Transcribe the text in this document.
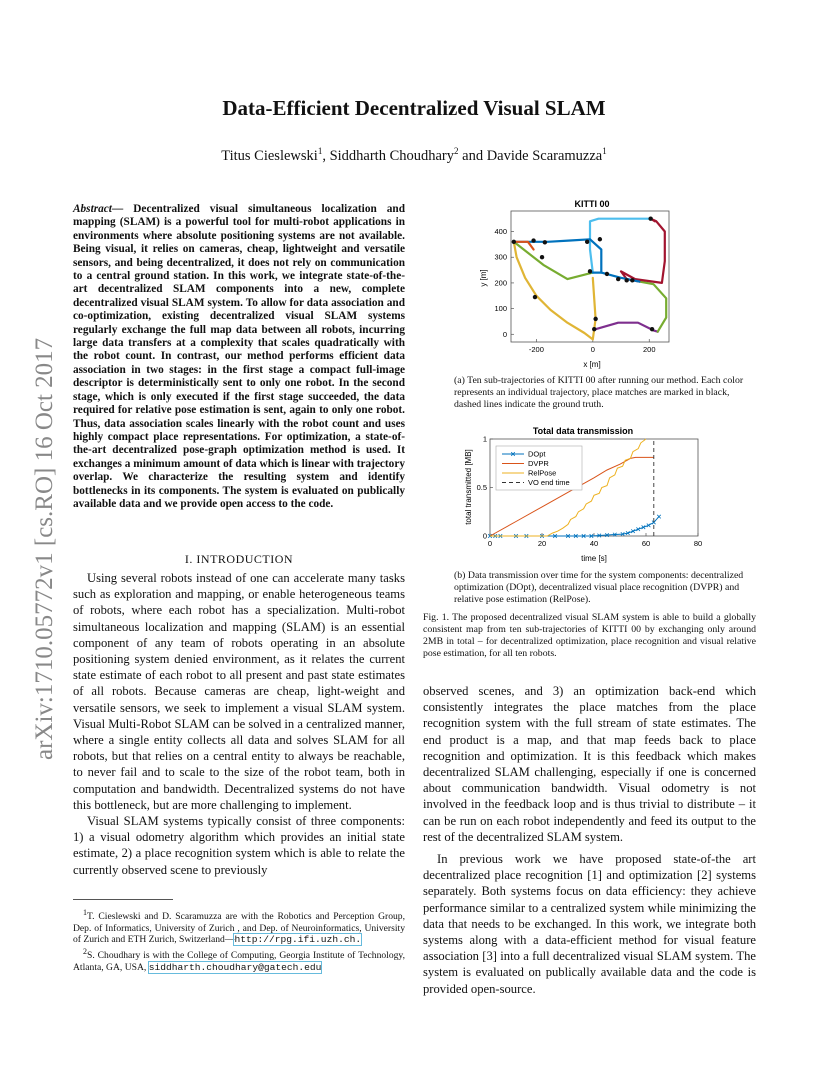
arXiv:1710.05772v1 [cs.RO] 16 Oct 2017
Data-Efficient Decentralized Visual SLAM
Titus Cieslewski$^1$, Siddharth Choudhary$^2$ and Davide Scaramuzza$^1$
Abstract— Decentralized visual simultaneous localization and mapping (SLAM) is a powerful tool for multi-robot applications in environments where absolute positioning systems are not available. Being visual, it relies on cameras, cheap, lightweight and versatile sensors, and being decentralized, it does not rely on communication to a central ground station. In this work, we integrate state-of-the-art decentralized SLAM components into a new, complete decentralized visual SLAM system. To allow for data association and co-optimization, existing decentralized visual SLAM systems regularly exchange the full map data between all robots, incurring large data transfers at a complexity that scales quadratically with the robot count. In contrast, our method performs efficient data association in two stages: in the first stage a compact full-image descriptor is deterministically sent to only one robot. In the second stage, which is only executed if the first stage succeeded, the data required for relative pose estimation is sent, again to only one robot. Thus, data association scales linearly with the robot count and uses highly compact place representations. For optimization, a state-of-the-art decentralized pose-graph optimization method is used. It exchanges a minimum amount of data which is linear with trajectory overlap. We characterize the resulting system and identify bottlenecks in its components. The system is evaluated on publically available data and we provide open access to the code.
I. INTRODUCTION

Using several robots instead of one can accelerate many tasks such as exploration and mapping, or enable heterogeneous teams of robots, where each robot has a specialization. Multi-robot simultaneous localization and mapping (SLAM) is an essential component of any team of robots operating in an absolute positioning system denied environment, as it relates the current state estimate of each robot to all present and past state estimates of all robots. Because cameras are cheap, light-weight and versatile sensors, we seek to implement a visual SLAM system. Visual Multi-Robot SLAM can be solved in a centralized manner, where a single entity collects all data and solves SLAM for all robots, but that relies on a central entity to always be reachable, to never fail and to scale to the size of the robot team, both in computation and bandwidth. Decentralized systems do not have this bottleneck, but are more challenging to implement.

Visual SLAM systems typically consist of three components: 1) a visual odometry algorithm which provides an initial state estimate, 2) a place recognition system which is able to relate the currently observed scene to previously

$^1$T. Cieslewski and D. Scaramuzza are with the Robotics and Perception Group, Dep. of Informatics, University of Zurich , and Dep. of Neuroinformatics, University of Zurich and ETH Zurich, Switzerland—http://rpg.ifi.uzh.ch.

$^2$S. Choudhary is with the College of Computing, Georgia Institute of Technology, Atlanta, GA, USA, siddharth.choudhary@gatech.edu

KITTI 00
-200	0	200
0
100
200
300
400
x [m]
y [m]
(a) Ten sub-trajectories of KITTI 00 after running our method. Each color represents an individual trajectory, place matches are marked in black, dashed lines indicate the ground truth.
Total data transmission
0	20	40	60	80
0
0.5
1
DOpt
DVPR
RelPose
VO end time
time [s]
total transmitted [MB]
(b) Data transmission over time for the system components: decentralized optimization (DOpt), decentralized visual place recognition (DVPR) and relative pose estimation (RelPose).
Fig. 1. The proposed decentralized visual SLAM system is able to build a globally consistent map from ten sub-trajectories of KITTI 00 by exchanging only around 2MB in total – for decentralized optimization, place recognition and visual relative pose estimation, for all ten robots.

observed scenes, and 3) an optimization back-end which consistently integrates the place matches from the place recognition system with the full stream of state estimates. The end product is a map, and that map feeds back to place recognition and optimization. It is this feedback which makes decentralized SLAM challenging, especially if one is concerned about communication bandwidth. Visual odometry is not involved in the feedback loop and is thus trivial to distribute – it can be run on each robot independently and feed its output to the rest of the decentralized SLAM system.

In previous work we have proposed state-of-the art decentralized place recognition [1] and optimization [2] systems separately. Both systems focus on data efficiency: they achieve performance similar to a centralized system while minimizing the data that needs to be exchanged. In this work, we integrate both systems along with a data-efficient method for visual feature association [3] into a full decentralized visual SLAM system. The system is evaluated on publically available data and the code is provided open-source.
